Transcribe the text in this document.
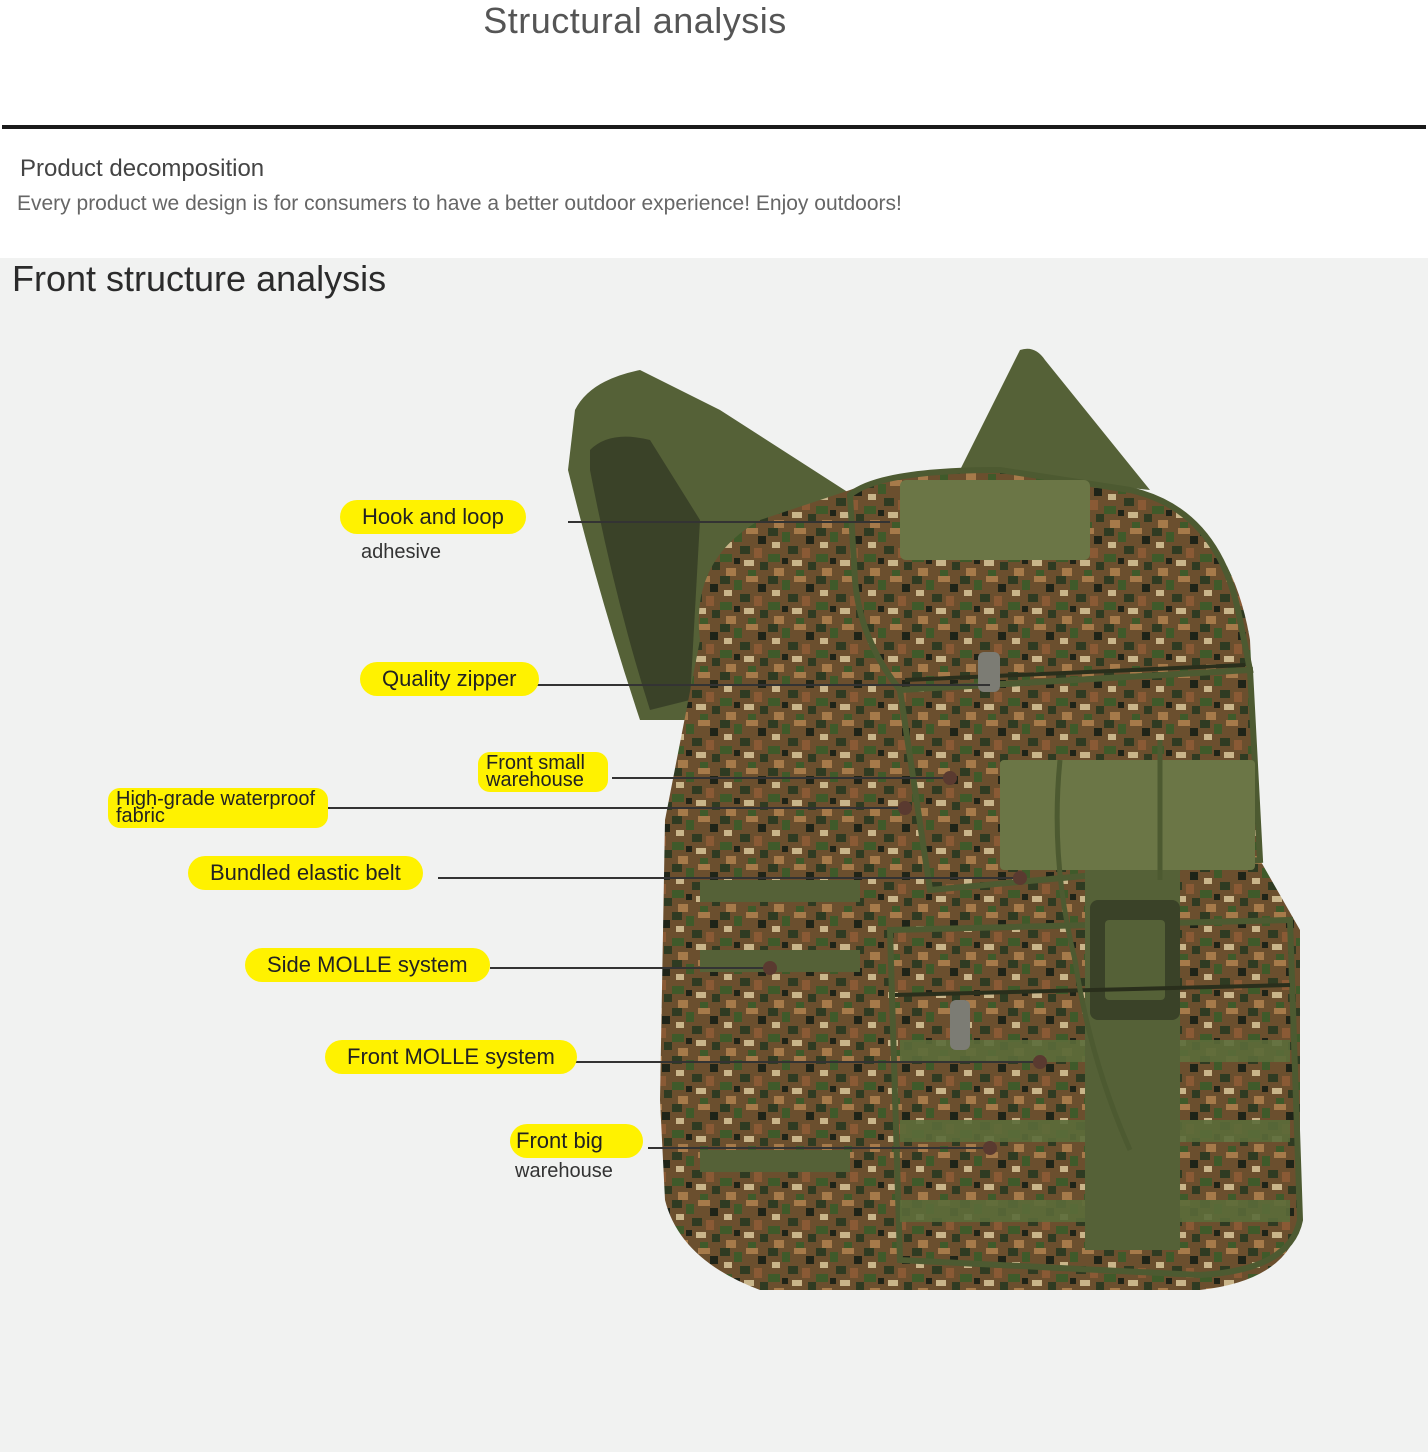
Structural analysis
Product decomposition
Every product we design is for consumers to have a better outdoor experience! Enjoy outdoors!
Front structure analysis
Hook and loop
adhesive
Quality zipper
Front small warehouse
High-grade waterproof fabric
Bundled elastic belt
Side MOLLE system
Front MOLLE system
Front big
warehouse
